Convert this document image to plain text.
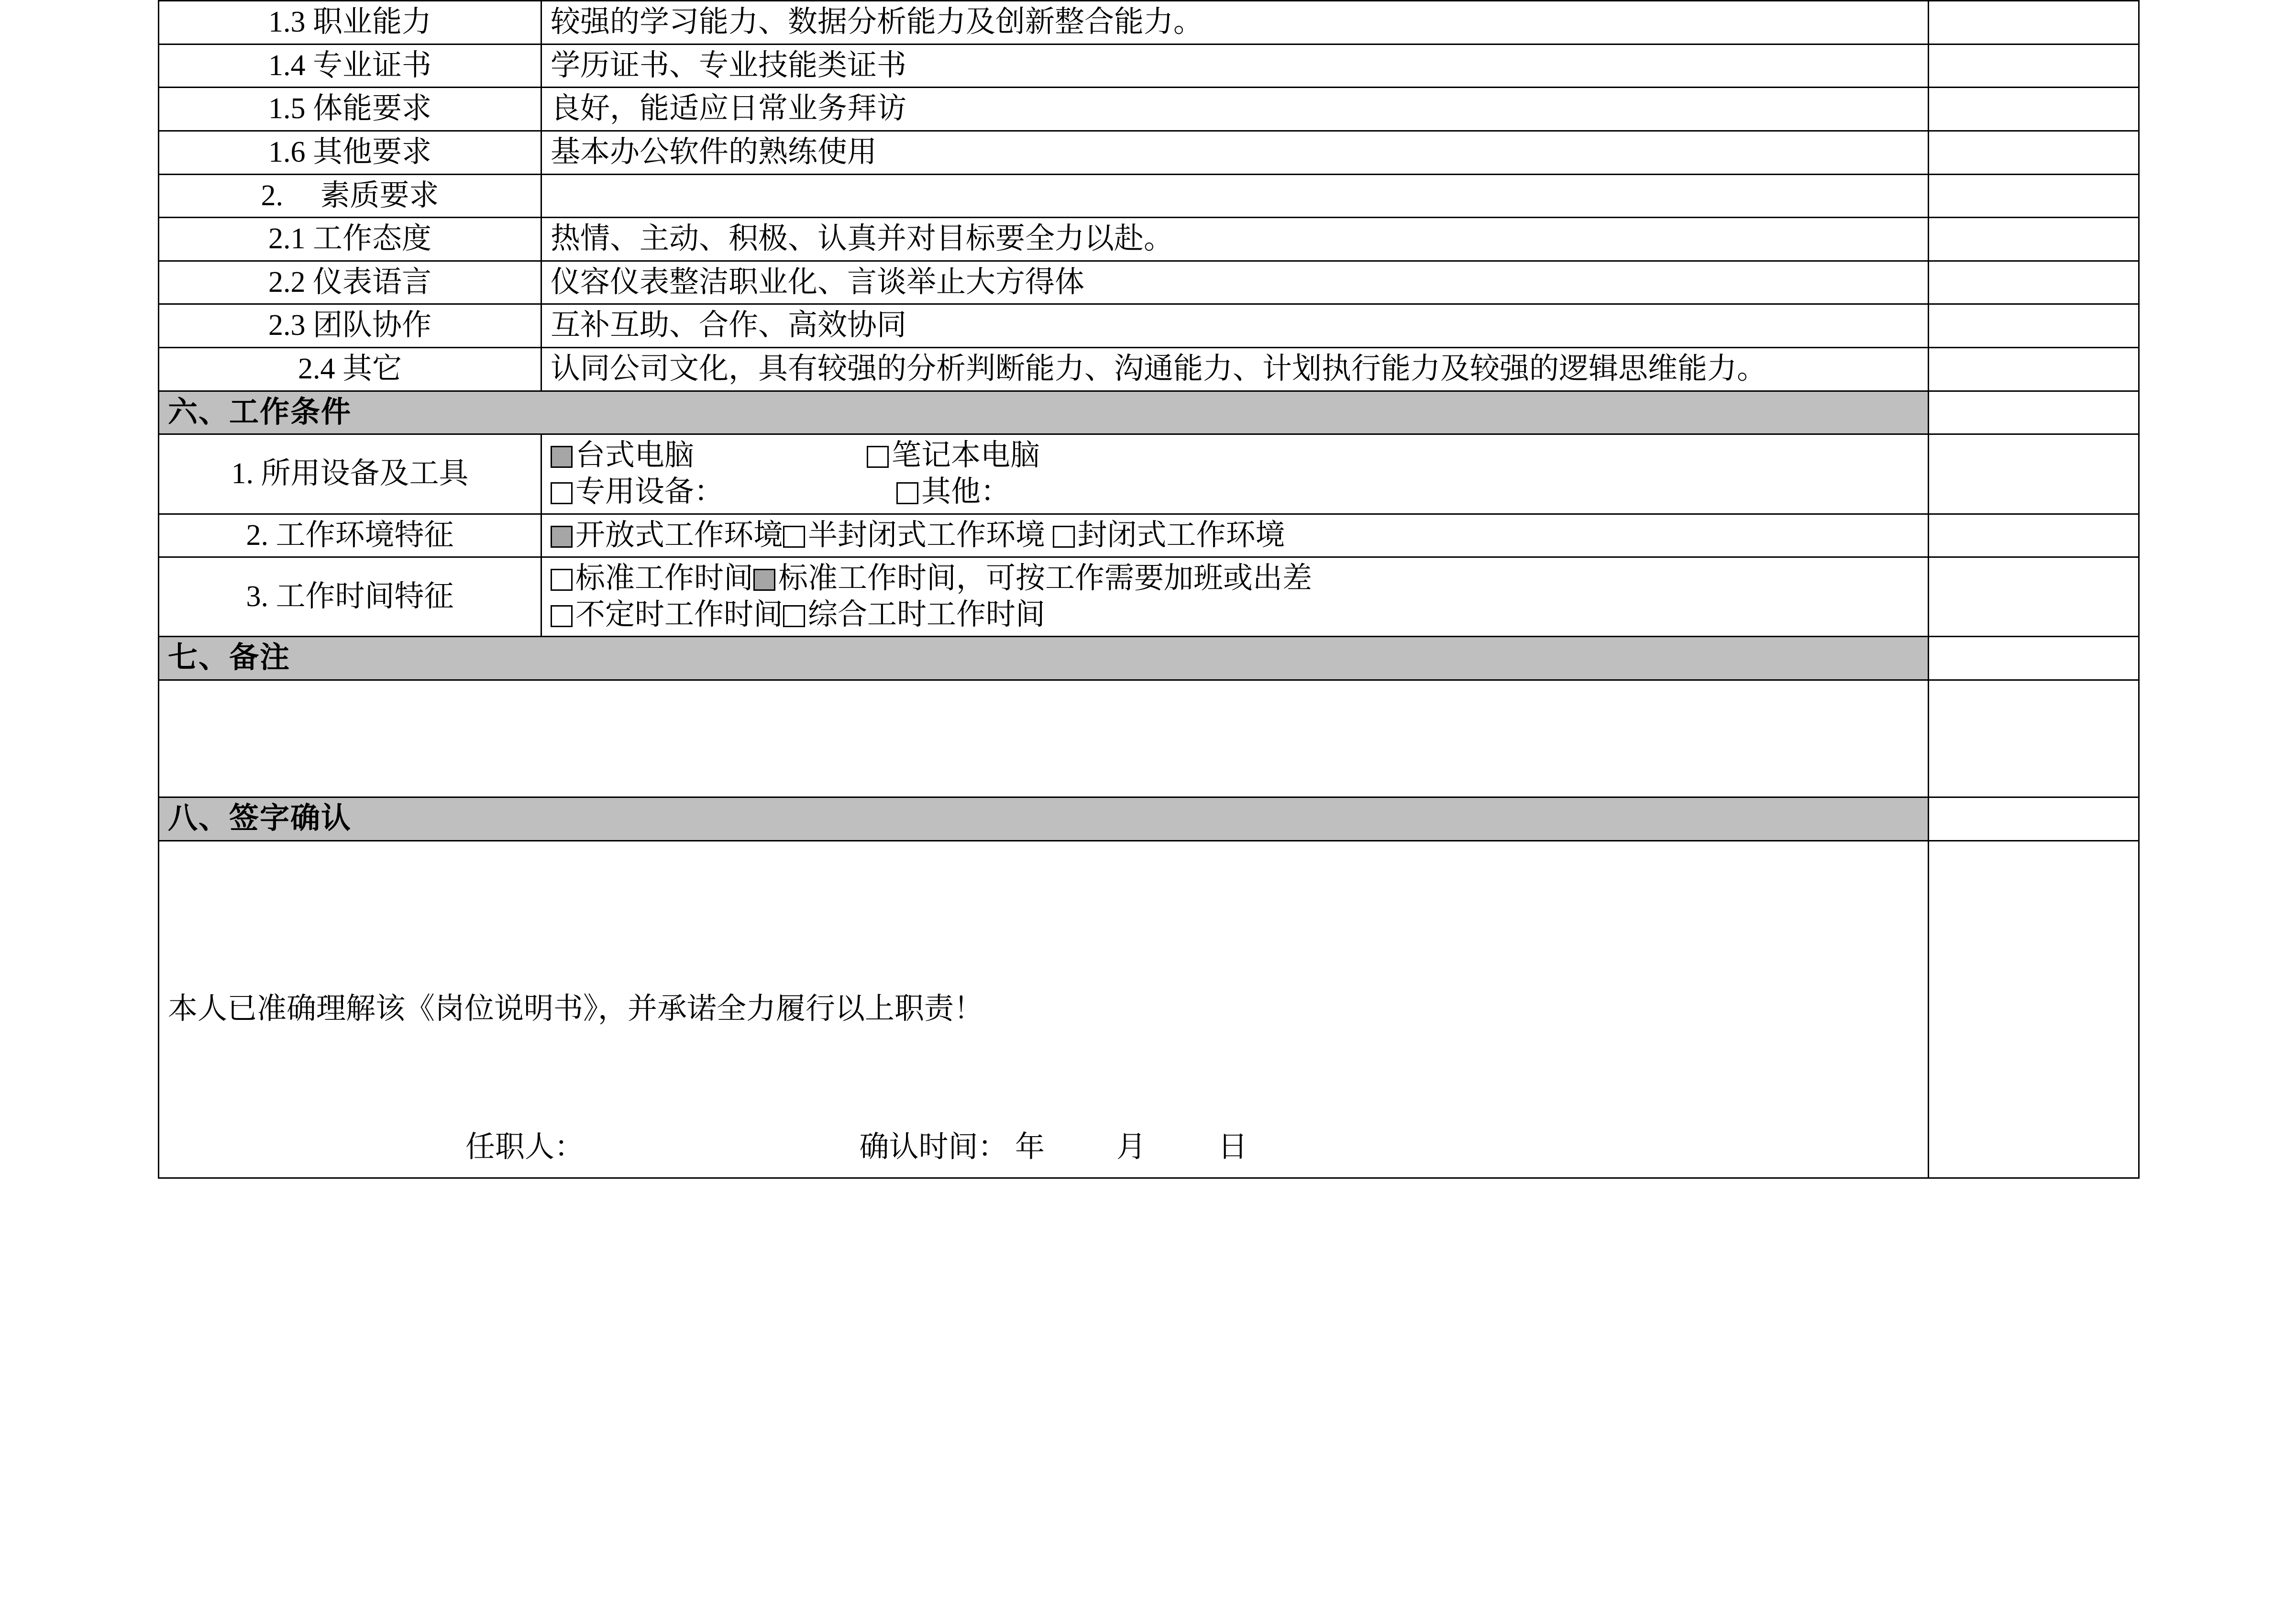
1.3 职业能力	较强的学习能力、数据分析能力及创新整合能力。	
1.4 专业证书	学历证书、专业技能类证书	
1.5 体能要求	良好，能适应日常业务拜访	
1.6 其他要求	基本办公软件的熟练使用	
2.　 素质要求		
2.1 工作态度	热情、主动、积极、认真并对目标要全力以赴。	
2.2 仪表语言	仪容仪表整洁职业化、言谈举止大方得体	
2.3 团队协作	互补互助、合作、高效协同	
2.4 其它	认同公司文化，具有较强的分析判断能力、沟通能力、计划执行能力及较强的逻辑思维能力。	
六、工作条件		
1. 所用设备及工具	台式电脑 笔记本电脑
专用设备： 其他：	

2. 工作环境特征	开放式工作环境 半封闭式工作环境 封闭式工作环境	
3. 工作时间特征	标准工作时间 标准工作时间，可按工作需要加班或出差
不定时工作时间 综合工时工作时间	

七、备注		

八、签字确认		

本人已准确理解该《岗位说明书》，并承诺全力履行以上职责！
任职人： 确认时间： 年 月 日		
